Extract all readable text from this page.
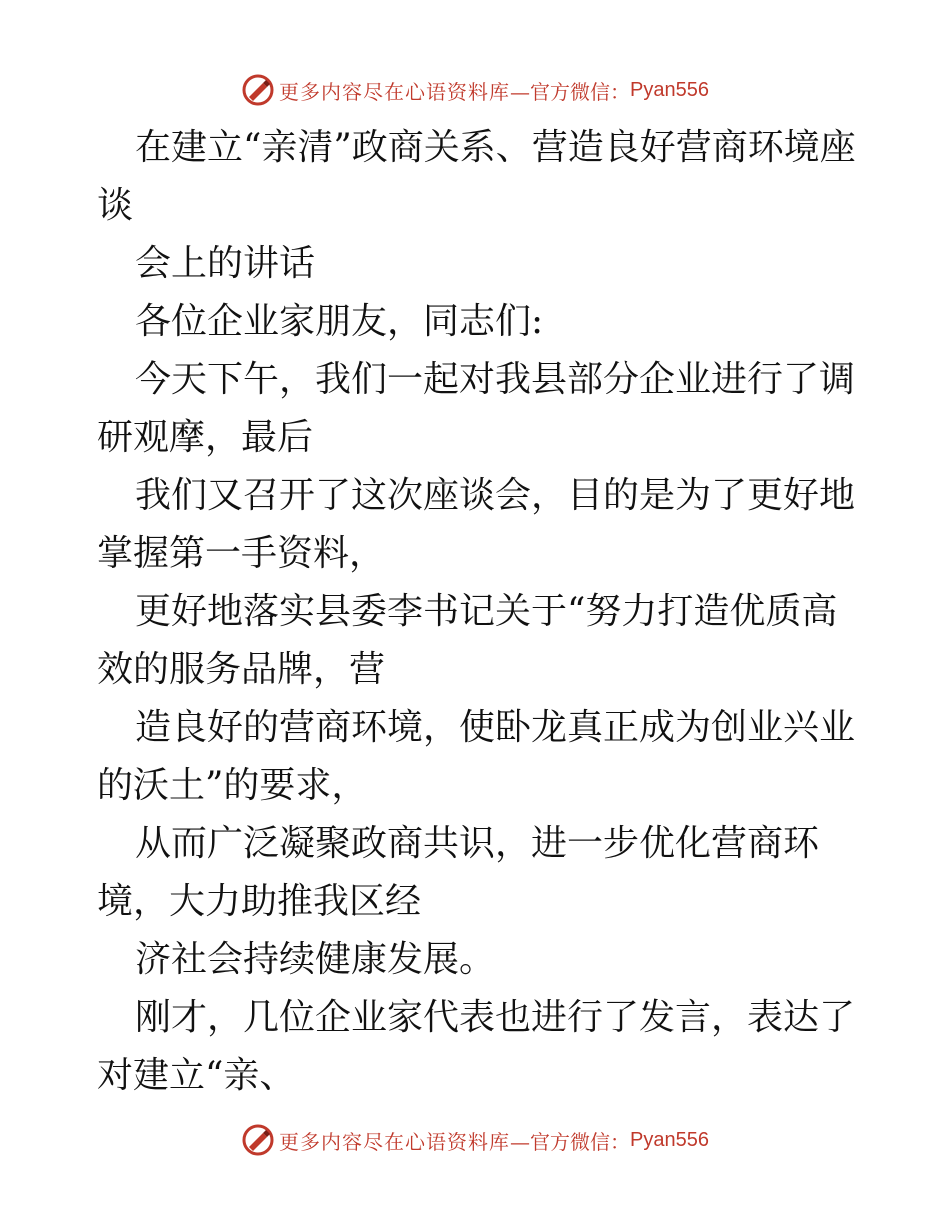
更多内容尽在心语资料库 —官方微信： Pyan556

在建立“亲清”政商关系、营造良好营商环境座谈

会上的讲话

各位企业家朋友，同志们:

今天下午，我们一起对我县部分企业进行了调研观摩，最后

我们又召开了这次座谈会，目的是为了更好地掌握第一手资料，

更好地落实县委李书记关于“努力打造优质高效的服务品牌，营

造良好的营商环境，使卧龙真正成为创业兴业的沃土”的要求，

从而广泛凝聚政商共识，进一步优化营商环境，大力助推我区经

济社会持续健康发展。

刚才，几位企业家代表也进行了发言，表达了对建立“亲、

更多内容尽在心语资料库 —官方微信： Pyan556
